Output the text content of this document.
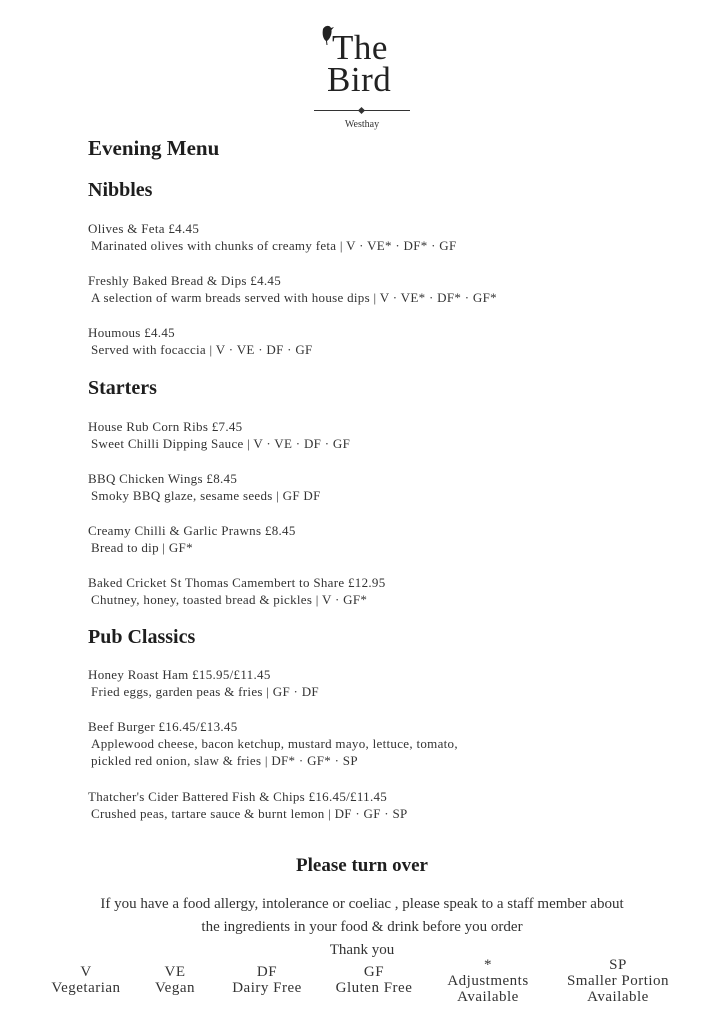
The
Bird
Westhay
Evening Menu
Nibbles
Olives & Feta £4.45
Marinated olives with chunks of creamy feta | V · VE* · DF* · GF
Freshly Baked Bread & Dips £4.45
A selection of warm breads served with house dips | V · VE* · DF* · GF*
Houmous £4.45
Served with focaccia | V · VE · DF · GF
Starters
House Rub Corn Ribs £7.45
Sweet Chilli Dipping Sauce | V · VE · DF · GF
BBQ Chicken Wings £8.45
Smoky BBQ glaze, sesame seeds | GF DF
Creamy Chilli & Garlic Prawns £8.45
Bread to dip | GF*
Baked Cricket St Thomas Camembert to Share £12.95
Chutney, honey, toasted bread & pickles | V · GF*
Pub Classics
Honey Roast Ham £15.95/£11.45
Fried eggs, garden peas & fries | GF · DF
Beef Burger £16.45/£13.45
Applewood cheese, bacon ketchup, mustard mayo, lettuce, tomato,
pickled red onion, slaw & fries | DF* · GF* · SP
Thatcher's Cider Battered Fish & Chips £16.45/£11.45
Crushed peas, tartare sauce & burnt lemon | DF · GF · SP
Please turn over
If you have a food allergy, intolerance or coeliac , please speak to a staff member about
the ingredients in your food & drink before you order
Thank you
V
Vegetarian
VE
Vegan
DF
Dairy Free
GF
Gluten Free
*
Adjustments
Available
SP
Smaller Portion
Available
